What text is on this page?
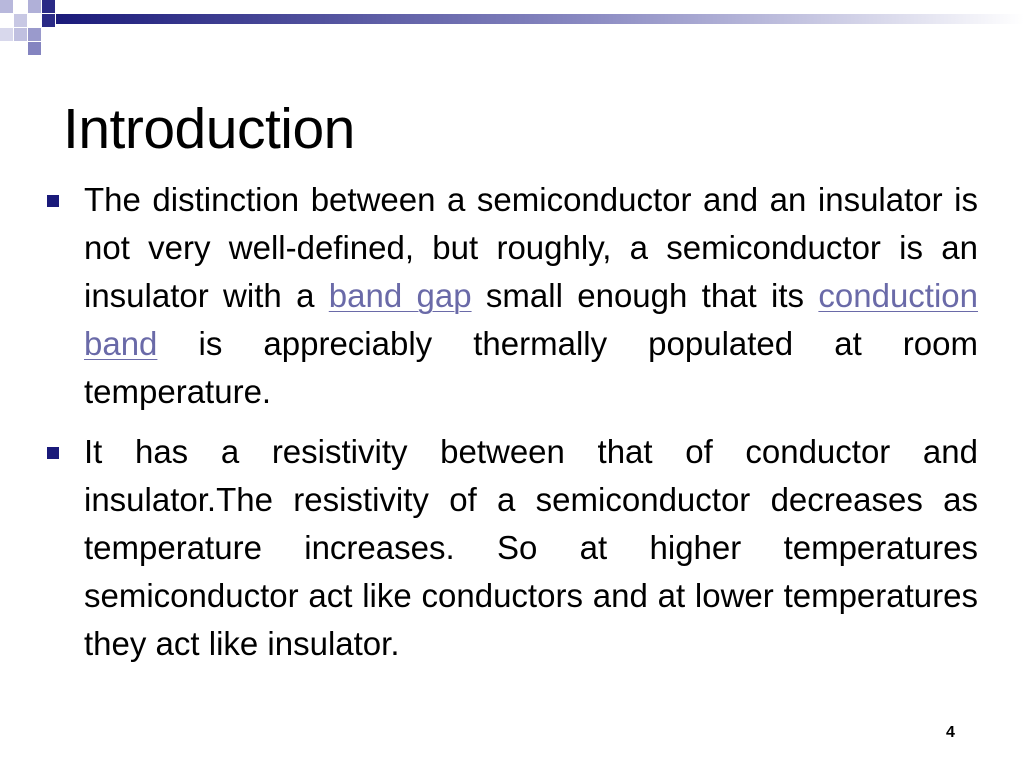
Introduction
The distinction between a semiconductor and an insulator is not very well-defined, but roughly, a semiconductor is an insulator with a band gap small enough that its conduction band is appreciably thermally populated at room temperature.
It has a resistivity between that of conductor and insulator.The resistivity of a semiconductor decreases as temperature increases. So at higher temperatures semiconductor act like conductors and at lower temperatures they act like insulator.
4
